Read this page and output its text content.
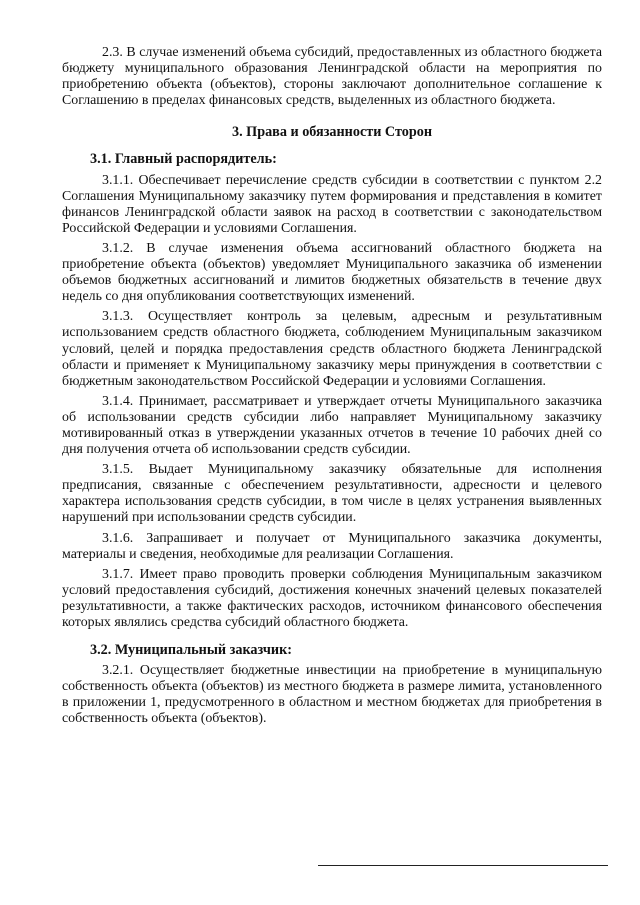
2.3. В случае изменений объема субсидий, предоставленных из областного бюджета бюджету муниципального образования Ленинградской области на мероприятия по приобретению объекта (объектов), стороны заключают дополнительное соглашение к Соглашению в пределах финансовых средств, выделенных из областного бюджета.

3. Права и обязанности Сторон

3.1. Главный распорядитель:

3.1.1. Обеспечивает перечисление средств субсидии в соответствии с пунктом 2.2 Соглашения Муниципальному заказчику путем формирования и представления в комитет финансов Ленинградской области заявок на расход в соответствии с законодательством Российской Федерации и условиями Соглашения.

3.1.2. В случае изменения объема ассигнований областного бюджета на приобретение объекта (объектов) уведомляет Муниципального заказчика об изменении объемов бюджетных ассигнований и лимитов бюджетных обязательств в течение двух недель со дня опубликования соответствующих изменений.

3.1.3. Осуществляет контроль за целевым, адресным и результативным использованием средств областного бюджета, соблюдением Муниципальным заказчиком условий, целей и порядка предоставления средств областного бюджета Ленинградской области и применяет к Муниципальному заказчику меры принуждения в соответствии с бюджетным законодательством Российской Федерации и условиями Соглашения.

3.1.4. Принимает, рассматривает и утверждает отчеты Муниципального заказчика об использовании средств субсидии либо направляет Муниципальному заказчику мотивированный отказ в утверждении указанных отчетов в течение 10 рабочих дней со дня получения отчета об использовании средств субсидии.

3.1.5. Выдает Муниципальному заказчику обязательные для исполнения предписания, связанные с обеспечением результативности, адресности и целевого характера использования средств субсидии, в том числе в целях устранения выявленных нарушений при использовании средств субсидии.

3.1.6. Запрашивает и получает от Муниципального заказчика документы, материалы и сведения, необходимые для реализации Соглашения.

3.1.7. Имеет право проводить проверки соблюдения Муниципальным заказчиком условий предоставления субсидий, достижения конечных значений целевых показателей результативности, а также фактических расходов, источником финансового обеспечения которых являлись средства субсидий областного бюджета.

3.2. Муниципальный заказчик:

3.2.1. Осуществляет бюджетные инвестиции на приобретение в муниципальную собственность объекта (объектов) из местного бюджета в размере лимита, установленного в приложении 1, предусмотренного в областном и местном бюджетах для приобретения в собственность объекта (объектов).
